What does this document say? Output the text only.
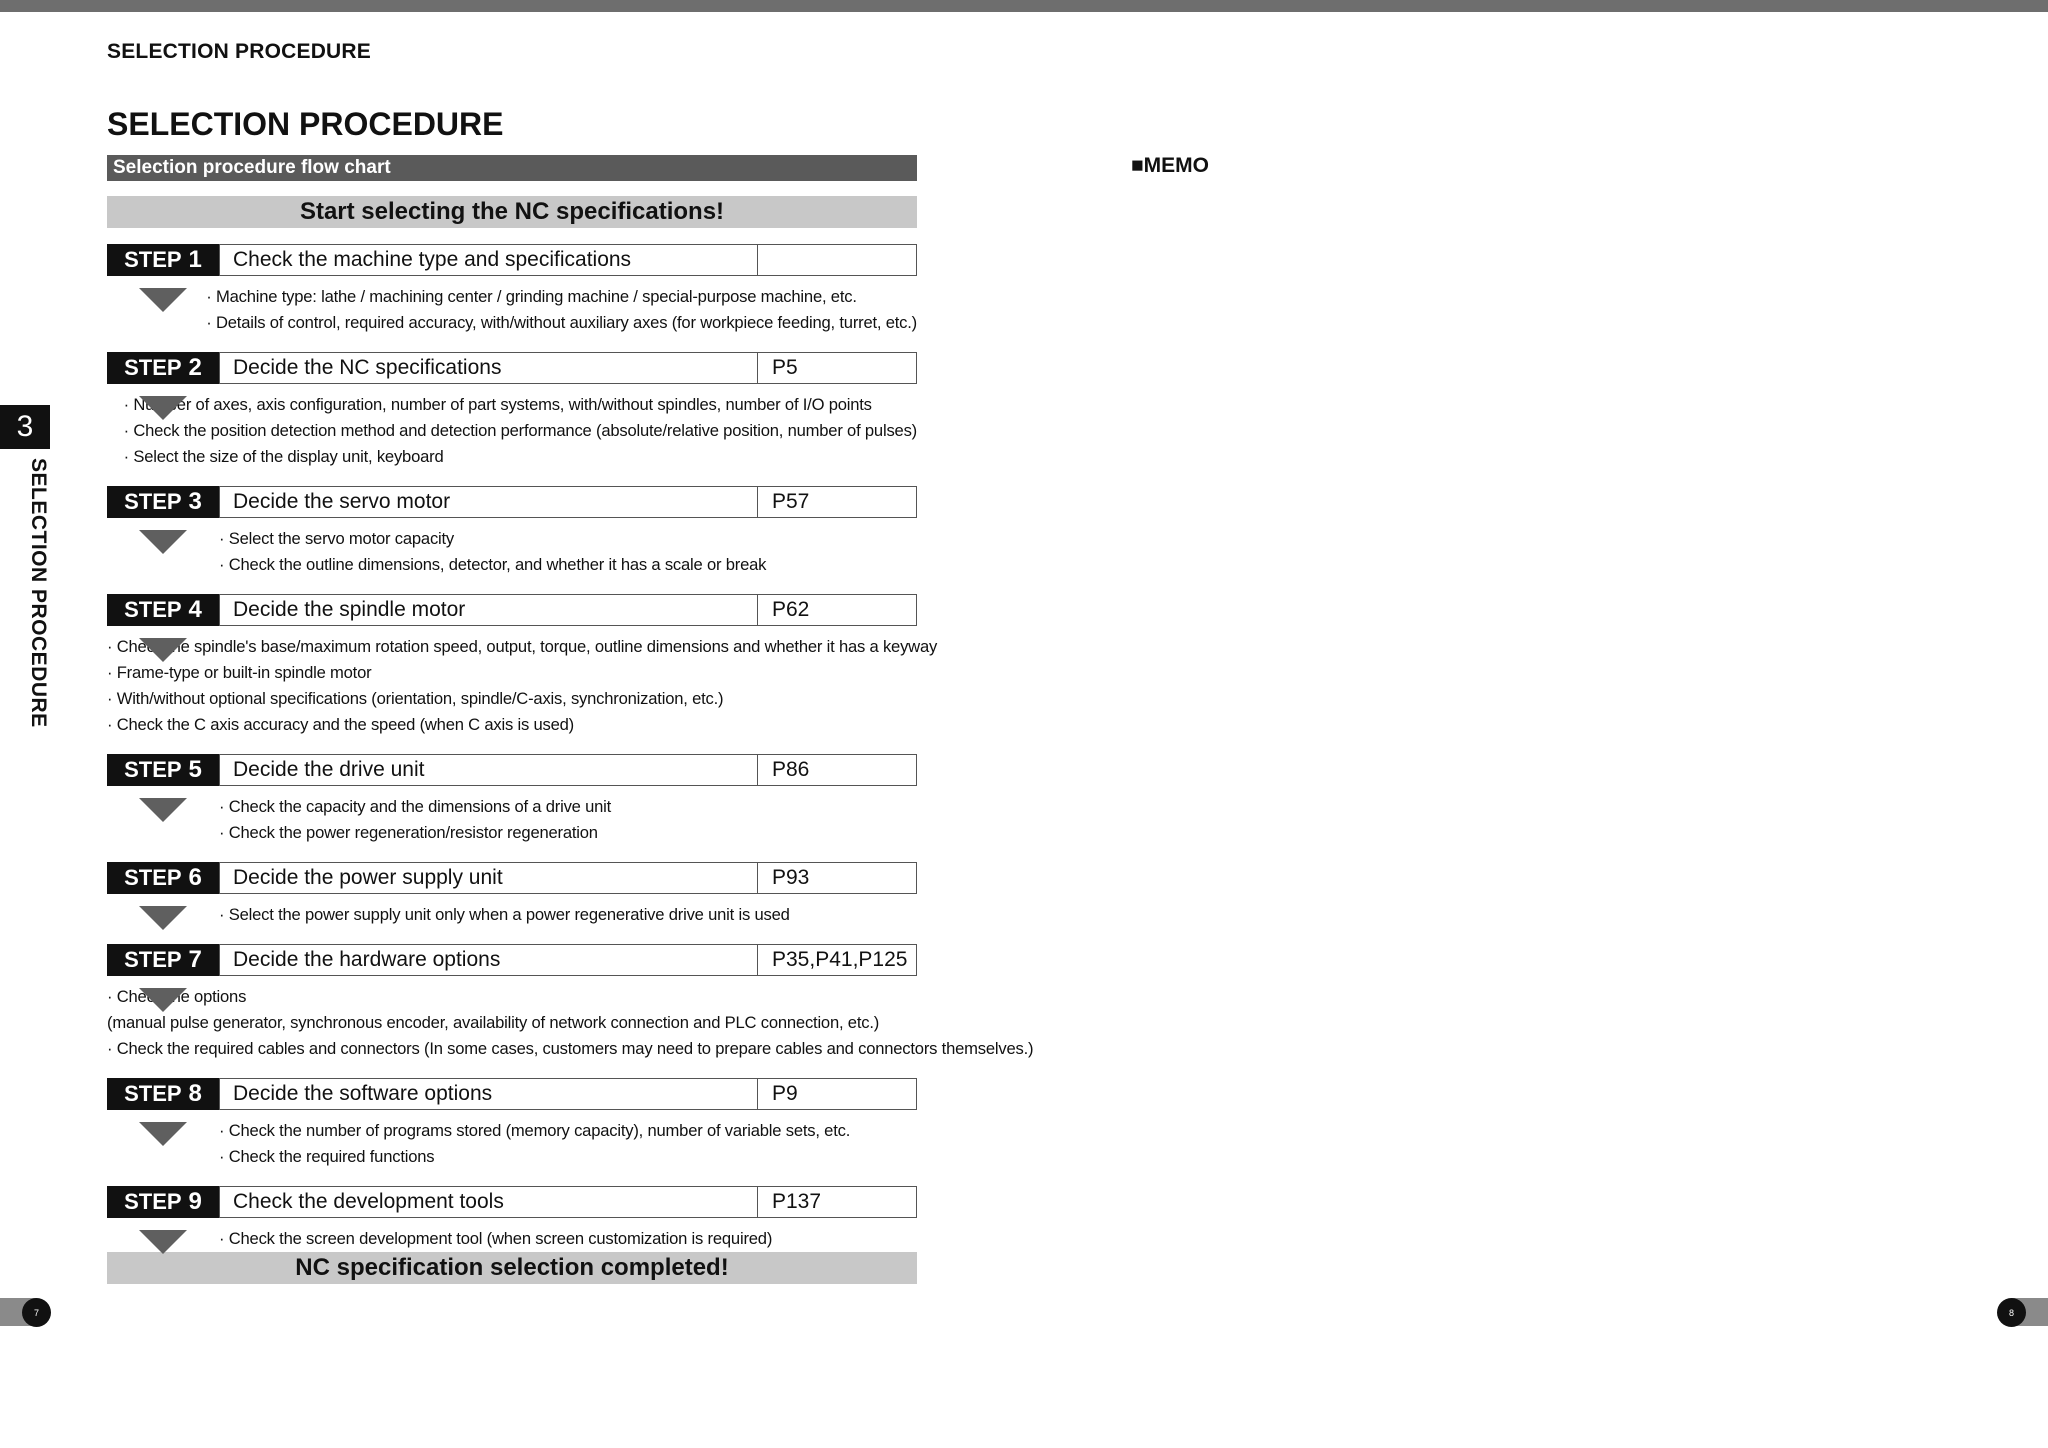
SELECTION PROCEDURE
SELECTION PROCEDURE
3
SELECTION PROCEDURE
7	8
■MEMO
Selection procedure flow chart
Start selecting the NC specifications!
STEP 1	Check the machine type and specifications
· Machine type: lathe / machining center / grinding machine / special-purpose machine, etc.
· Details of control, required accuracy, with/without auxiliary axes (for workpiece feeding, turret, etc.)
STEP 2	Decide the NC specifications	P5
· Number of axes, axis configuration, number of part systems, with/without spindles, number of I/O points
· Check the position detection method and detection performance (absolute/relative position, number of pulses)
· Select the size of the display unit, keyboard
STEP 3	Decide the servo motor	P57
· Select the servo motor capacity
· Check the outline dimensions, detector, and whether it has a scale or break
STEP 4	Decide the spindle motor	P62
· Check the spindle's base/maximum rotation speed, output, torque, outline dimensions and whether it has a keyway
· Frame-type or built-in spindle motor
· With/without optional specifications (orientation, spindle/C-axis, synchronization, etc.)
· Check the C axis accuracy and the speed (when C axis is used)
STEP 5	Decide the drive unit	P86
· Check the capacity and the dimensions of a drive unit
· Check the power regeneration/resistor regeneration
STEP 6	Decide the power supply unit	P93
· Select the power supply unit only when a power regenerative drive unit is used
STEP 7	Decide the hardware options	P35,P41,P125
· Check the options
(manual pulse generator, synchronous encoder, availability of network connection and PLC connection, etc.)
· Check the required cables and connectors (In some cases, customers may need to prepare cables and connectors themselves.)
STEP 8	Decide the software options	P9
· Check the number of programs stored (memory capacity), number of variable sets, etc.
· Check the required functions
STEP 9	Check the development tools	P137
· Check the screen development tool (when screen customization is required)
NC specification selection completed!
